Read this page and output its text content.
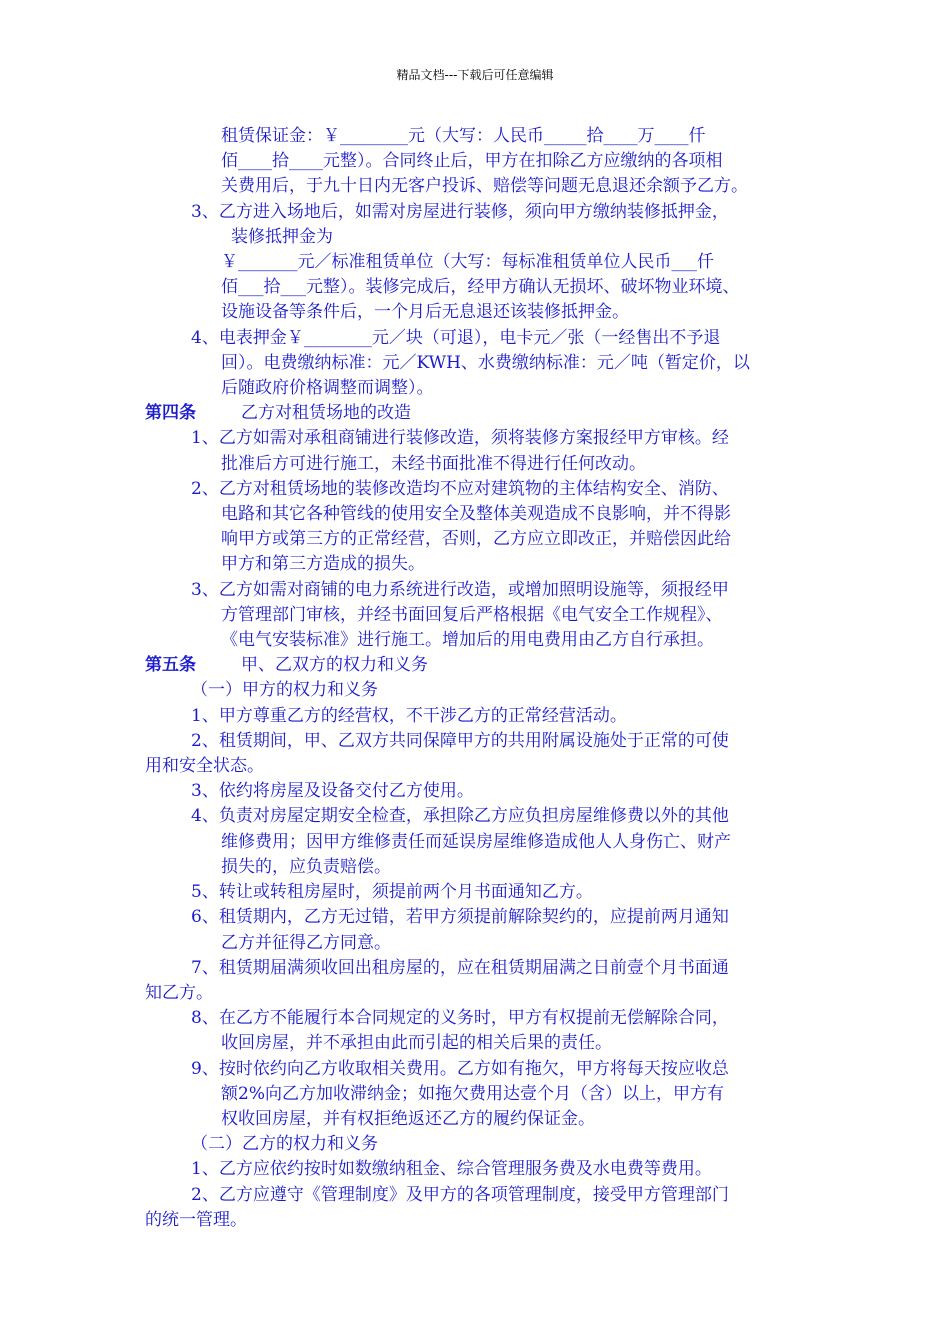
精品文档---下载后可任意编辑
租赁保证金：￥________元（大写：人民币_____拾____万____仟
佰____拾____元整）。合同终止后，甲方在扣除乙方应缴纳的各项相
关费用后，于九十日内无客户投诉、赔偿等问题无息退还余额予乙方。
3、乙方进入场地后，如需对房屋进行装修，须向甲方缴纳装修抵押金，
装修抵押金为
￥_______元／标准租赁单位（大写：每标准租赁单位人民币___仟
佰___拾___元整）。装修完成后，经甲方确认无损坏、破坏物业环境、
设施设备等条件后，一个月后无息退还该装修抵押金。
4、电表押金￥________元／块（可退），电卡元／张（一经售出不予退
回）。电费缴纳标准：元／KWH、水费缴纳标准：元／吨（暂定价，以
后随政府价格调整而调整）。
第四条	乙方对租赁场地的改造
1、乙方如需对承租商铺进行装修改造，须将装修方案报经甲方审核。经
批准后方可进行施工，未经书面批准不得进行任何改动。
2、乙方对租赁场地的装修改造均不应对建筑物的主体结构安全、消防、
电路和其它各种管线的使用安全及整体美观造成不良影响，并不得影
响甲方或第三方的正常经营，否则，乙方应立即改正，并赔偿因此给
甲方和第三方造成的损失。
3、乙方如需对商铺的电力系统进行改造，或增加照明设施等，须报经甲
方管理部门审核，并经书面回复后严格根据《电气安全工作规程》、
《电气安装标准》进行施工。增加后的用电费用由乙方自行承担。
第五条	甲、乙双方的权力和义务
（一）甲方的权力和义务
1、甲方尊重乙方的经营权，不干涉乙方的正常经营活动。
2、租赁期间，甲、乙双方共同保障甲方的共用附属设施处于正常的可使
用和安全状态。
3、依约将房屋及设备交付乙方使用。
4、负责对房屋定期安全检查，承担除乙方应负担房屋维修费以外的其他
维修费用；因甲方维修责任而延误房屋维修造成他人人身伤亡、财产
损失的，应负责赔偿。
5、转让或转租房屋时，须提前两个月书面通知乙方。
6、租赁期内，乙方无过错，若甲方须提前解除契约的，应提前两月通知
乙方并征得乙方同意。
7、租赁期届满须收回出租房屋的，应在租赁期届满之日前壹个月书面通
知乙方。
8、在乙方不能履行本合同规定的义务时，甲方有权提前无偿解除合同，
收回房屋，并不承担由此而引起的相关后果的责任。
9、按时依约向乙方收取相关费用。乙方如有拖欠，甲方将每天按应收总
额2%向乙方加收滞纳金；如拖欠费用达壹个月（含）以上，甲方有
权收回房屋，并有权拒绝返还乙方的履约保证金。
（二）乙方的权力和义务
1、乙方应依约按时如数缴纳租金、综合管理服务费及水电费等费用。
2、乙方应遵守《管理制度》及甲方的各项管理制度，接受甲方管理部门
的统一管理。
